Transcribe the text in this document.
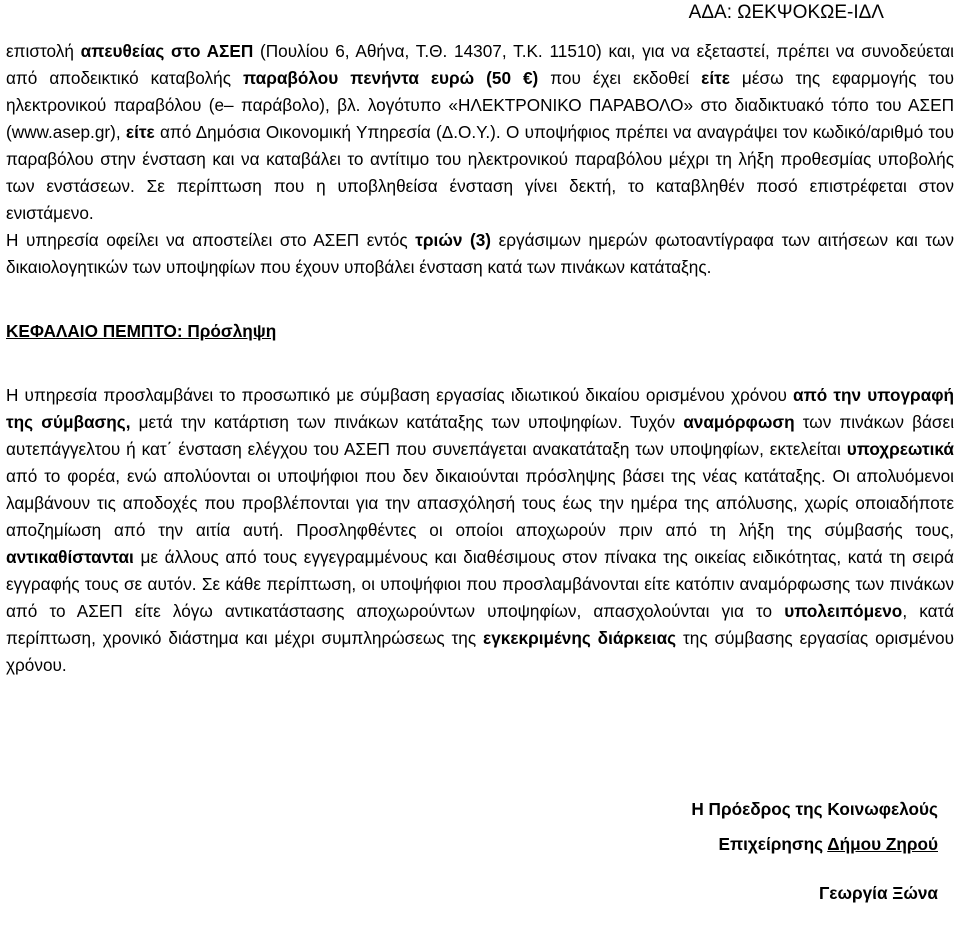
ΑΔΑ: ΩΕΚΨΟΚΩΕ-ΙΔΛ

επιστολή απευθείας στο ΑΣΕΠ (Πουλίου 6, Αθήνα, Τ.Θ. 14307, Τ.Κ. 11510) και, για να εξεταστεί, πρέπει να συνοδεύεται από αποδεικτικό καταβολής παραβόλου πενήντα ευρώ (50 €) που έχει εκδοθεί είτε μέσω της εφαρμογής του ηλεκτρονικού παραβόλου (e– παράβολο), βλ. λογότυπο «ΗΛΕΚΤΡΟΝΙΚΟ ΠΑΡΑΒΟΛΟ» στο διαδικτυακό τόπο του ΑΣΕΠ (www.asep.gr), είτε από Δημόσια Οικονομική Υπηρεσία (Δ.Ο.Υ.). Ο υποψήφιος πρέπει να αναγράψει τον κωδικό/αριθμό του παραβόλου στην ένσταση και να καταβάλει το αντίτιμο του ηλεκτρονικού παραβόλου μέχρι τη λήξη προθεσμίας υποβολής των ενστάσεων. Σε περίπτωση που η υποβληθείσα ένσταση γίνει δεκτή, το καταβληθέν ποσό επιστρέφεται στον ενιστάμενο.

Η υπηρεσία οφείλει να αποστείλει στο ΑΣΕΠ εντός τριών (3) εργάσιμων ημερών φωτοαντίγραφα των αιτήσεων και των δικαιολογητικών των υποψηφίων που έχουν υποβάλει ένσταση κατά των πινάκων κατάταξης.

ΚΕΦΑΛΑΙΟ ΠΕΜΠΤΟ: Πρόσληψη

Η υπηρεσία προσλαμβάνει το προσωπικό με σύμβαση εργασίας ιδιωτικού δικαίου ορισμένου χρόνου από την υπογραφή της σύμβασης, μετά την κατάρτιση των πινάκων κατάταξης των υποψηφίων. Τυχόν αναμόρφωση των πινάκων βάσει αυτεπάγγελτου ή κατ΄ ένσταση ελέγχου του ΑΣΕΠ που συνεπάγεται ανακατάταξη των υποψηφίων, εκτελείται υποχρεωτικά από το φορέα, ενώ απολύονται οι υποψήφιοι που δεν δικαιούνται πρόσληψης βάσει της νέας κατάταξης. Οι απολυόμενοι λαμβάνουν τις αποδοχές που προβλέπονται για την απασχόλησή τους έως την ημέρα της απόλυσης, χωρίς οποιαδήποτε αποζημίωση από την αιτία αυτή. Προσληφθέντες οι οποίοι αποχωρούν πριν από τη λήξη της σύμβασής τους, αντικαθίστανται με άλλους από τους εγγεγραμμένους και διαθέσιμους στον πίνακα της οικείας ειδικότητας, κατά τη σειρά εγγραφής τους σε αυτόν. Σε κάθε περίπτωση, οι υποψήφιοι που προσλαμβάνονται είτε κατόπιν αναμόρφωσης των πινάκων από το ΑΣΕΠ είτε λόγω αντικατάστασης αποχωρούντων υποψηφίων, απασχολούνται για το υπολειπόμενο, κατά περίπτωση, χρονικό διάστημα και μέχρι συμπληρώσεως της εγκεκριμένης διάρκειας της σύμβασης εργασίας ορισμένου χρόνου.

Η Πρόεδρος της Κοινωφελούς
Επιχείρησης Δήμου Ζηρού
Γεωργία Ξώνα
